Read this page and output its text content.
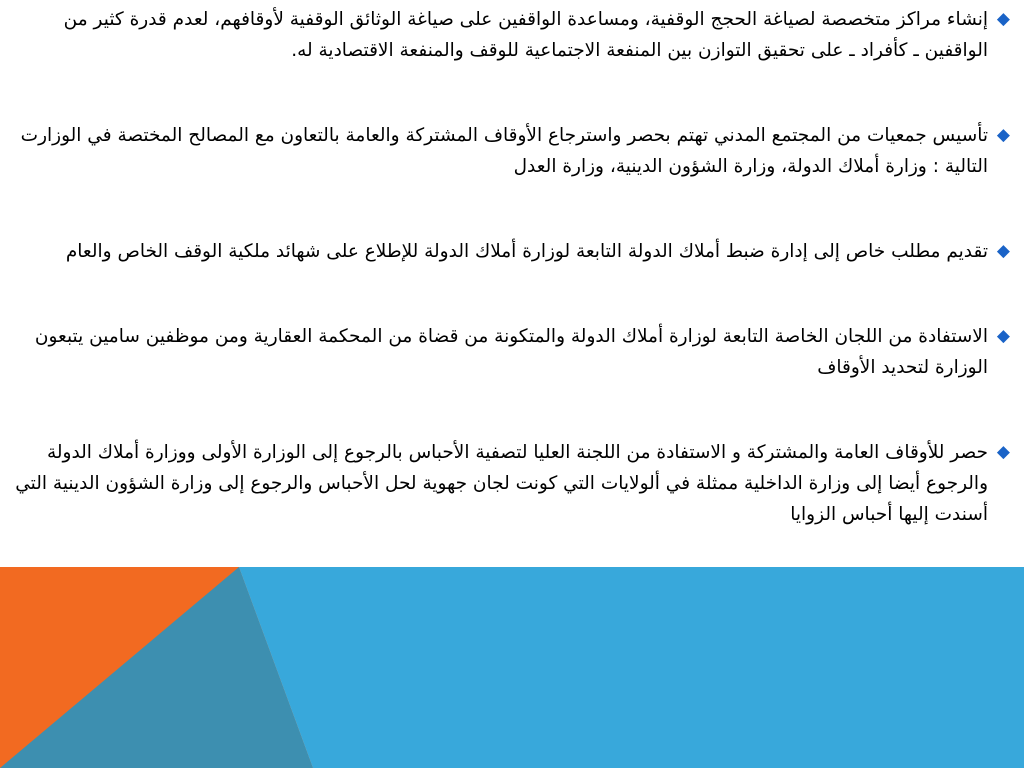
◆
إنشاء مراكز متخصصة لصياغة الحجج الوقفية، ومساعدة الواقفين على صياغة الوثائق الوقفية لأوقافهم، لعدم قدرة كثير من الواقفين ـ كأفراد ـ على تحقيق التوازن بين المنفعة الاجتماعية للوقف والمنفعة الاقتصادية له.
◆
تأسيس جمعيات من المجتمع المدني تهتم بحصر واسترجاع الأوقاف المشتركة والعامة بالتعاون مع المصالح المختصة في الوزارت التالية : وزارة أملاك الدولة، وزارة الشؤون الدينية، وزارة العدل
◆
تقديم مطلب خاص إلى إدارة ضبط أملاك الدولة التابعة لوزارة أملاك الدولة للإطلاع على شهائد ملكية الوقف الخاص والعام
◆
الاستفادة من اللجان الخاصة التابعة لوزارة أملاك الدولة والمتكونة من قضاة من المحكمة العقارية ومن موظفين سامين يتبعون الوزارة لتحديد الأوقاف
◆
حصر للأوقاف العامة والمشتركة و الاستفادة من اللجنة العليا لتصفية الأحباس بالرجوع إلى الوزارة الأولى ووزارة أملاك الدولة والرجوع أيضا إلى وزارة الداخلية ممثلة في ألولايات التي كونت لجان جهوية لحل الأحباس والرجوع إلى وزارة الشؤون الدينية التي أسندت إليها أحباس الزوايا
